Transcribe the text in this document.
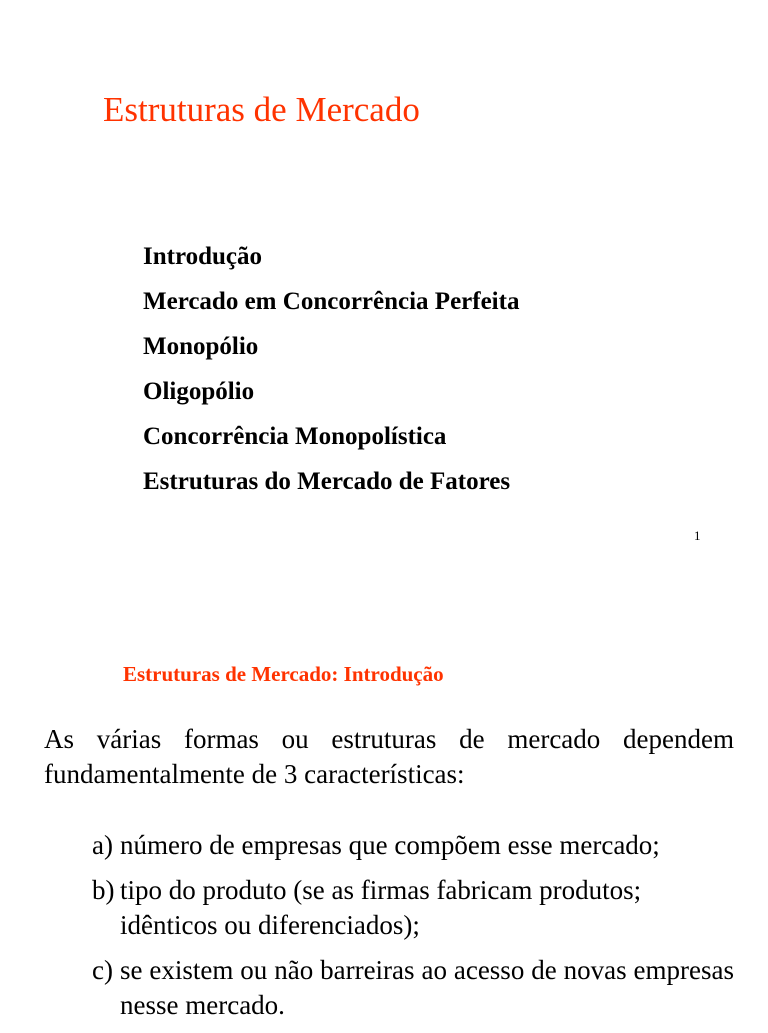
Estruturas de Mercado
Introdução
Mercado em Concorrência Perfeita
Monopólio
Oligopólio
Concorrência Monopolística
Estruturas do Mercado de Fatores
1
Estruturas de Mercado: Introdução

As várias formas ou estruturas de mercado dependem fundamentalmente de 3 características:

a) número de empresas que compõem esse mercado;
b) tipo do produto (se as firmas fabricam produtos; idênticos ou diferenciados);
c) se existem ou não barreiras ao acesso de novas empresas nesse mercado.
